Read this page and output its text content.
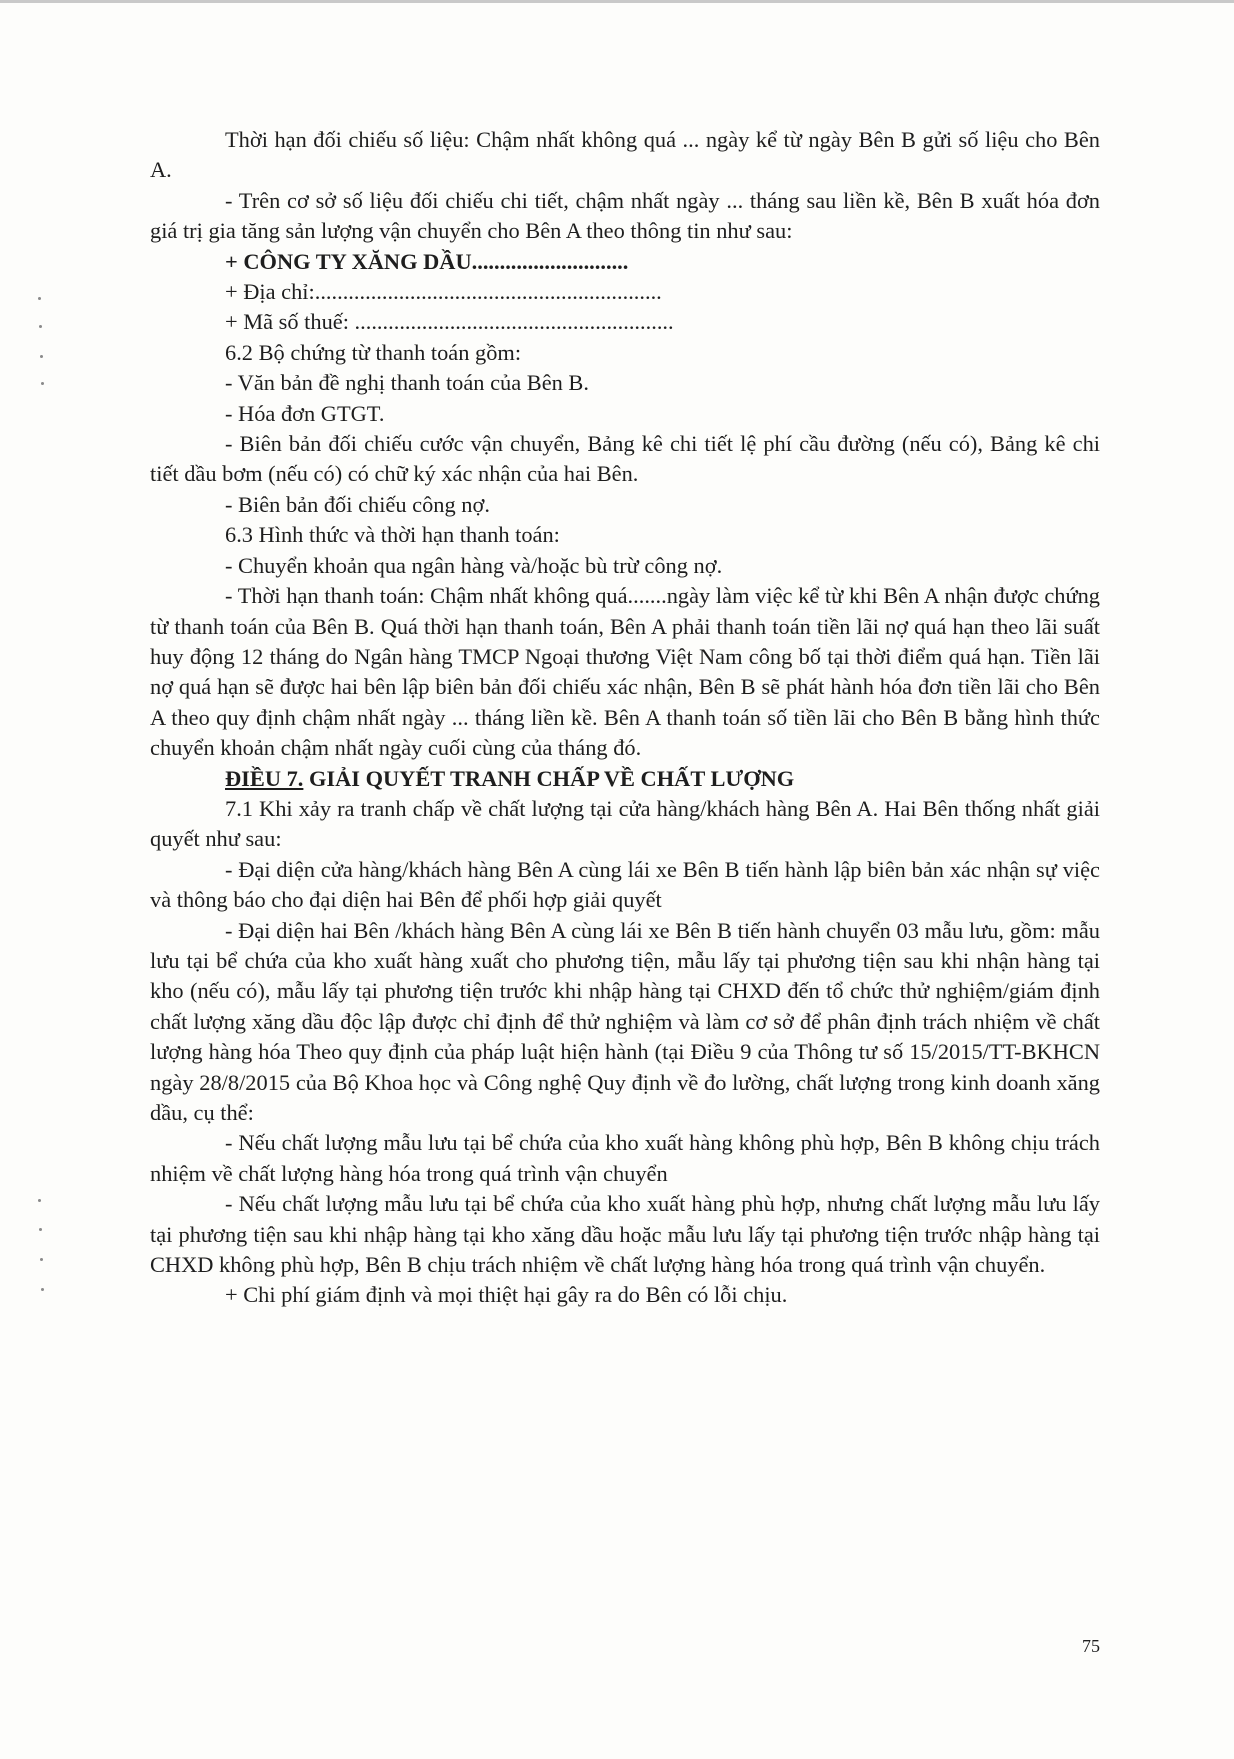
Thời hạn đối chiếu số liệu: Chậm nhất không quá ... ngày kể từ ngày Bên B gửi số liệu cho Bên A.

- Trên cơ sở số liệu đối chiếu chi tiết, chậm nhất ngày ... tháng sau liền kề, Bên B xuất hóa đơn giá trị gia tăng sản lượng vận chuyển cho Bên A theo thông tin như sau:

+ CÔNG TY XĂNG DẦU............................

+ Địa chỉ:..............................................................

+ Mã số thuế: .........................................................

6.2 Bộ chứng từ thanh toán gồm:

- Văn bản đề nghị thanh toán của Bên B.

- Hóa đơn GTGT.

- Biên bản đối chiếu cước vận chuyển, Bảng kê chi tiết lệ phí cầu đường (nếu có), Bảng kê chi tiết dầu bơm (nếu có) có chữ ký xác nhận của hai Bên.

- Biên bản đối chiếu công nợ.

6.3 Hình thức và thời hạn thanh toán:

- Chuyển khoản qua ngân hàng và/hoặc bù trừ công nợ.

- Thời hạn thanh toán: Chậm nhất không quá.......ngày làm việc kể từ khi Bên A nhận được chứng từ thanh toán của Bên B. Quá thời hạn thanh toán, Bên A phải thanh toán tiền lãi nợ quá hạn theo lãi suất huy động 12 tháng do Ngân hàng TMCP Ngoại thương Việt Nam công bố tại thời điểm quá hạn. Tiền lãi nợ quá hạn sẽ được hai bên lập biên bản đối chiếu xác nhận, Bên B sẽ phát hành hóa đơn tiền lãi cho Bên A theo quy định chậm nhất ngày ... tháng liền kề. Bên A thanh toán số tiền lãi cho Bên B bằng hình thức chuyển khoản chậm nhất ngày cuối cùng của tháng đó.

ĐIỀU 7. GIẢI QUYẾT TRANH CHẤP VỀ CHẤT LƯỢNG

7.1 Khi xảy ra tranh chấp về chất lượng tại cửa hàng/khách hàng Bên A. Hai Bên thống nhất giải quyết như sau:

- Đại diện cửa hàng/khách hàng Bên A cùng lái xe Bên B tiến hành lập biên bản xác nhận sự việc và thông báo cho đại diện hai Bên để phối hợp giải quyết

- Đại diện hai Bên /khách hàng Bên A cùng lái xe Bên B tiến hành chuyển 03 mẫu lưu, gồm: mẫu lưu tại bể chứa của kho xuất hàng xuất cho phương tiện, mẫu lấy tại phương tiện sau khi nhận hàng tại kho (nếu có), mẫu lấy tại phương tiện trước khi nhập hàng tại CHXD đến tổ chức thử nghiệm/giám định chất lượng xăng dầu độc lập được chỉ định để thử nghiệm và làm cơ sở để phân định trách nhiệm về chất lượng hàng hóa Theo quy định của pháp luật hiện hành (tại Điều 9 của Thông tư số 15/2015/TT-BKHCN ngày 28/8/2015 của Bộ Khoa học và Công nghệ Quy định về đo lường, chất lượng trong kinh doanh xăng dầu, cụ thể:

- Nếu chất lượng mẫu lưu tại bể chứa của kho xuất hàng không phù hợp, Bên B không chịu trách nhiệm về chất lượng hàng hóa trong quá trình vận chuyển

- Nếu chất lượng mẫu lưu tại bể chứa của kho xuất hàng phù hợp, nhưng chất lượng mẫu lưu lấy tại phương tiện sau khi nhập hàng tại kho xăng dầu hoặc mẫu lưu lấy tại phương tiện trước nhập hàng tại CHXD không phù hợp, Bên B chịu trách nhiệm về chất lượng hàng hóa trong quá trình vận chuyển.

+ Chi phí giám định và mọi thiệt hại gây ra do Bên có lỗi chịu.

75
